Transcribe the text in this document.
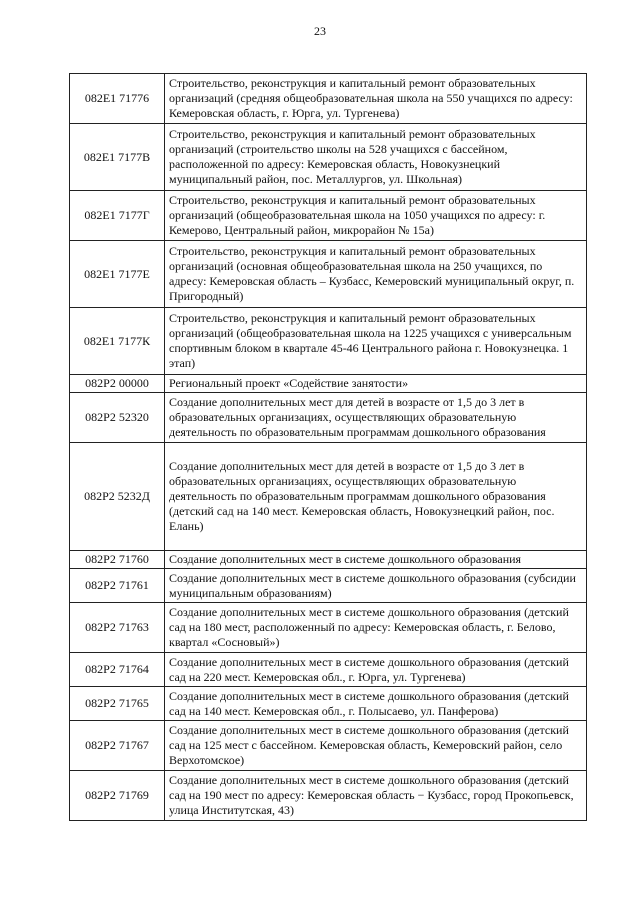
23
082E1 71776	Строительство, реконструкция и капитальный ремонт образовательных организаций (средняя общеобразовательная школа на 550 учащихся по адресу: Кемеровская область, г. Юрга, ул. Тургенева)
082E1 7177В	Строительство, реконструкция и капитальный ремонт образовательных организаций (строительство школы на 528 учащихся с бассейном, расположенной по адресу: Кемеровская область, Новокузнецкий муниципальный район, пос. Металлургов, ул. Школьная)
082E1 7177Г	Строительство, реконструкция и капитальный ремонт образовательных организаций (общеобразовательная школа на 1050 учащихся по адресу: г. Кемерово, Центральный район, микрорайон № 15а)
082E1 7177Е	Строительство, реконструкция и капитальный ремонт образовательных организаций (основная общеобразовательная школа на 250 учащихся, по адресу: Кемеровская область – Кузбасс, Кемеровский муниципальный округ, п. Пригородный)
082E1 7177К	Строительство, реконструкция и капитальный ремонт образовательных организаций (общеобразовательная школа на 1225 учащихся с универсальным спортивным блоком в квартале 45-46 Центрального района г. Новокузнецка. 1 этап)
082P2 00000	Региональный проект «Содействие занятости»
082P2 52320	Создание дополнительных мест для детей в возрасте от 1,5 до 3 лет в образовательных организациях, осуществляющих образовательную деятельность по образовательным программам дошкольного образования
082P2 5232Д	Создание дополнительных мест для детей в возрасте от 1,5 до 3 лет в образовательных организациях, осуществляющих образовательную деятельность по образовательным программам дошкольного образования (детский сад на 140 мест. Кемеровская область, Новокузнецкий район, пос. Елань)
082P2 71760	Создание дополнительных мест в системе дошкольного образования
082P2 71761	Создание дополнительных мест в системе дошкольного образования (субсидии муниципальным образованиям)
082P2 71763	Создание дополнительных мест в системе дошкольного образования (детский сад на 180 мест, расположенный по адресу: Кемеровская область, г. Белово, квартал «Сосновый»)
082P2 71764	Создание дополнительных мест в системе дошкольного образования (детский сад на 220 мест. Кемеровская обл., г. Юрга, ул. Тургенева)
082P2 71765	Создание дополнительных мест в системе дошкольного образования (детский сад на 140 мест. Кемеровская обл., г. Полысаево, ул. Панферова)
082P2 71767	Создание дополнительных мест в системе дошкольного образования (детский сад на 125 мест с бассейном. Кемеровская область, Кемеровский район, село Верхотомское)
082P2 71769	Создание дополнительных мест в системе дошкольного образования (детский сад на 190 мест по адресу: Кемеровская область − Кузбасс, город Прокопьевск, улица Институтская, 43)
